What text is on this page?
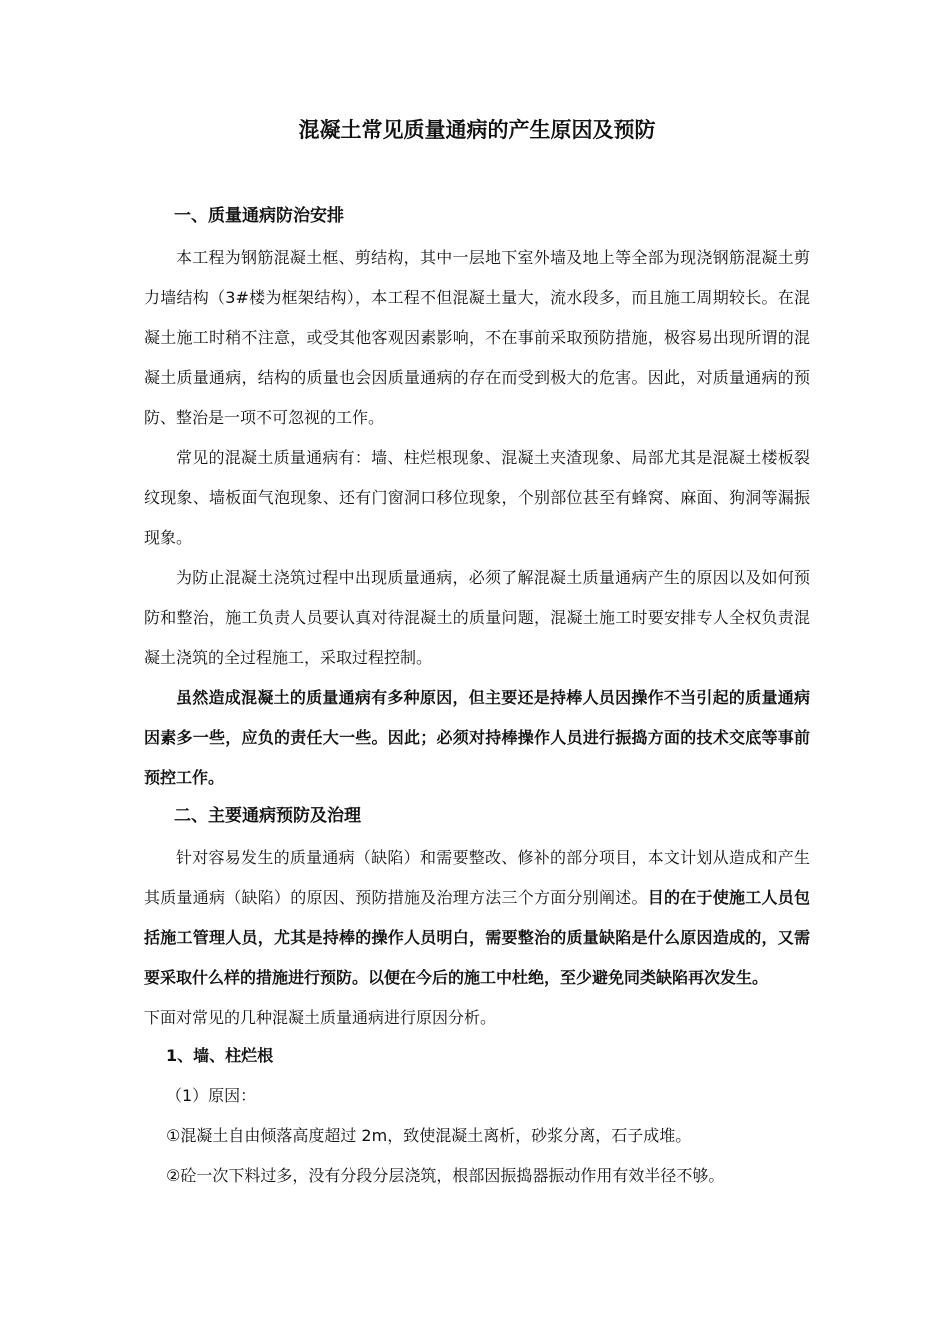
混凝土常见质量通病的产生原因及预防
一、质量通病防治安排
本工程为钢筋混凝土框、剪结构，其中一层地下室外墙及地上等全部为现浇钢筋混凝土剪力墙结构（3#楼为框架结构），本工程不但混凝土量大，流水段多，而且施工周期较长。在混凝土施工时稍不注意，或受其他客观因素影响，不在事前采取预防措施，极容易出现所谓的混凝土质量通病，结构的质量也会因质量通病的存在而受到极大的危害。因此，对质量通病的预防、整治是一项不可忽视的工作。
常见的混凝土质量通病有：墙、柱烂根现象、混凝土夹渣现象、局部尤其是混凝土楼板裂纹现象、墙板面气泡现象、还有门窗洞口移位现象，个别部位甚至有蜂窝、麻面、狗洞等漏振现象。
为防止混凝土浇筑过程中出现质量通病，必须了解混凝土质量通病产生的原因以及如何预防和整治，施工负责人员要认真对待混凝土的质量问题，混凝土施工时要安排专人全权负责混凝土浇筑的全过程施工，采取过程控制。
虽然造成混凝土的质量通病有多种原因，但主要还是持棒人员因操作不当引起的质量通病因素多一些，应负的责任大一些。因此；必须对持棒操作人员进行振捣方面的技术交底等事前预控工作。
二、主要通病预防及治理
针对容易发生的质量通病（缺陷）和需要整改、修补的部分项目，本文计划从造成和产生其质量通病（缺陷）的原因、预防措施及治理方法三个方面分别阐述。目的在于使施工人员包括施工管理人员，尤其是持棒的操作人员明白，需要整治的质量缺陷是什么原因造成的，又需要采取什么样的措施进行预防。以便在今后的施工中杜绝，至少避免同类缺陷再次发生。
下面对常见的几种混凝土质量通病进行原因分析。
1、墙、柱烂根
（1）原因：
①混凝土自由倾落高度超过 2m，致使混凝土离析，砂浆分离，石子成堆。
②砼一次下料过多，没有分段分层浇筑，根部因振捣器振动作用有效半径不够。
